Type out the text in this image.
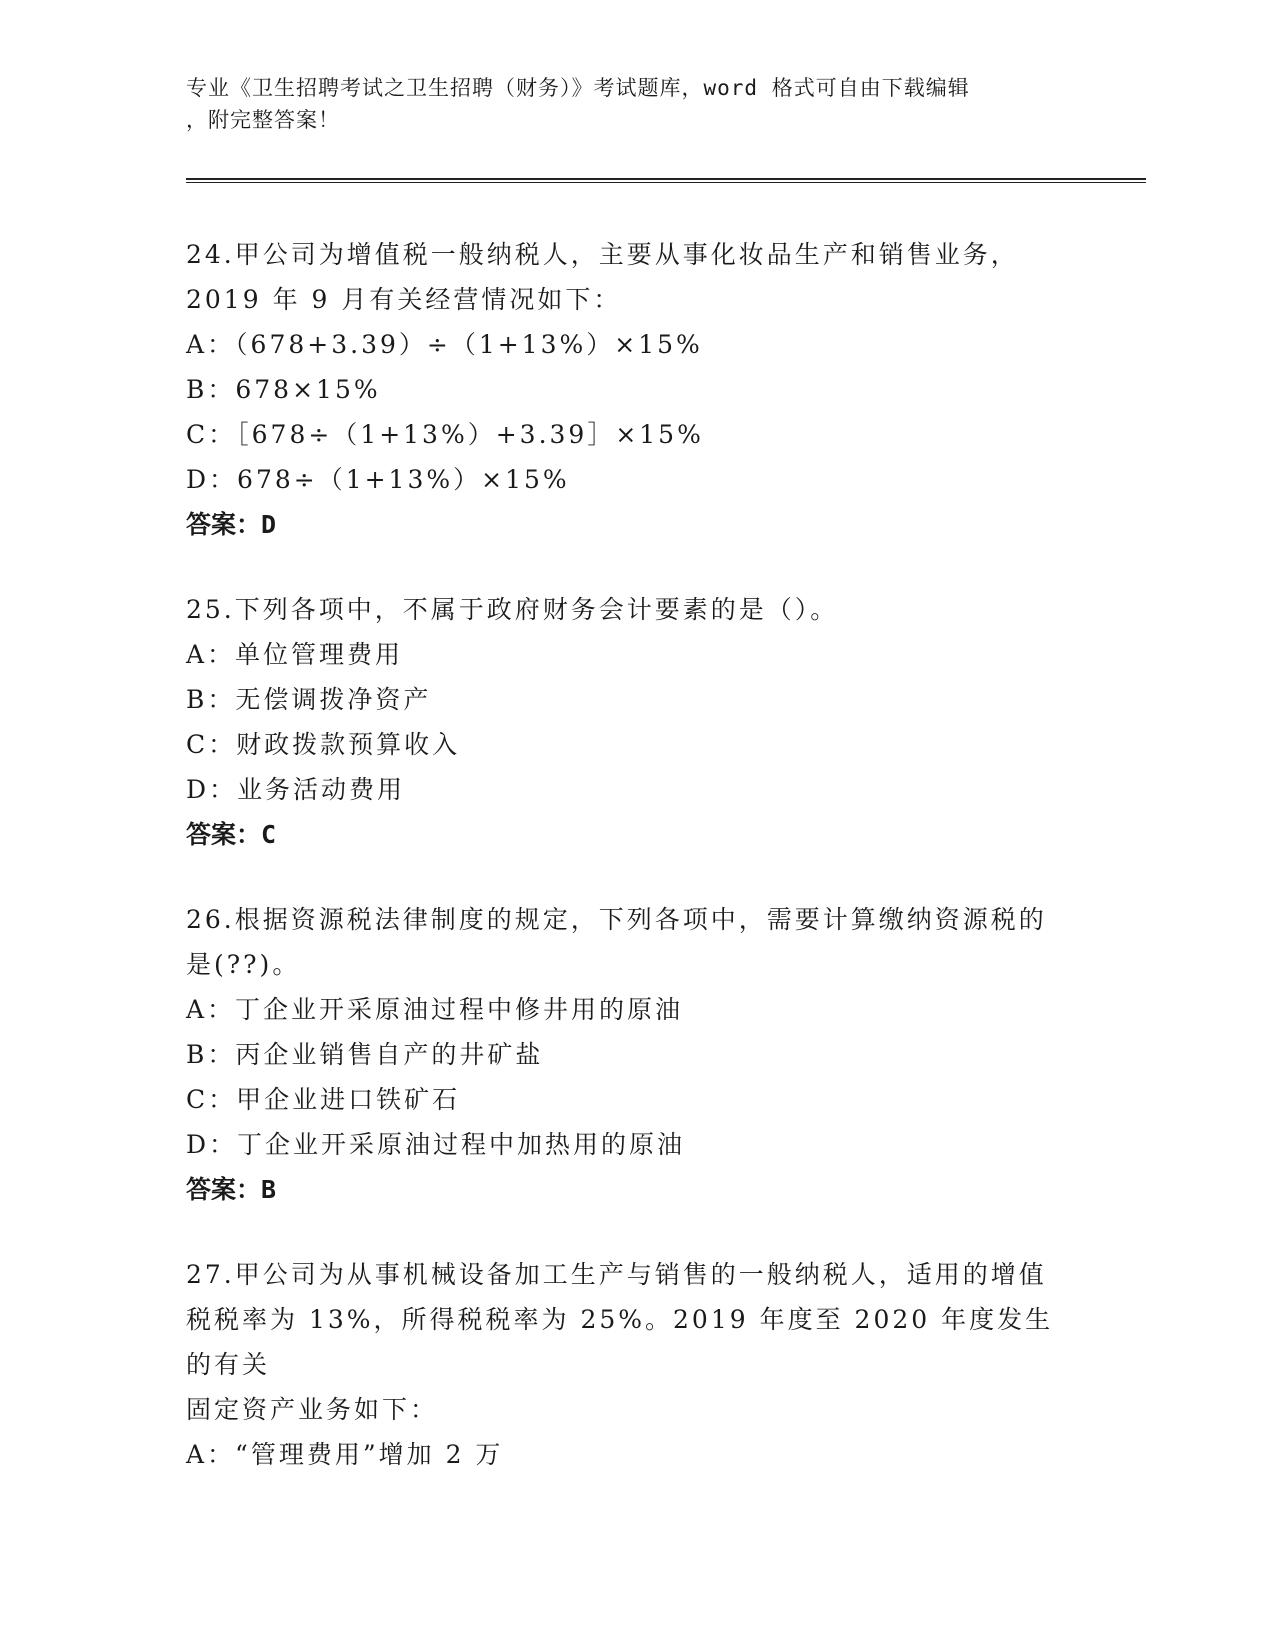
专业《卫生招聘考试之卫生招聘（财务）》考试题库，word 格式可自由下载编辑
，附完整答案！

24.甲公司为增值税一般纳税人，主要从事化妆品生产和销售业务，

2019 年 9 月有关经营情况如下：

A：（678+3.39）÷（1+13%）×15%

B：678×15%

C：［678÷（1+13%）+3.39］×15%

D：678÷（1+13%）×15%

答案：D

25.下列各项中，不属于政府财务会计要素的是（）。

A：单位管理费用

B：无偿调拨净资产

C：财政拨款预算收入

D：业务活动费用

答案：C

26.根据资源税法律制度的规定，下列各项中，需要计算缴纳资源税的

是(??)。

A：丁企业开采原油过程中修井用的原油

B：丙企业销售自产的井矿盐

C：甲企业进口铁矿石

D：丁企业开采原油过程中加热用的原油

答案：B

27.甲公司为从事机械设备加工生产与销售的一般纳税人，适用的增值

税税率为 13%，所得税税率为 25%。2019 年度至 2020 年度发生的有关

固定资产业务如下：

A：“管理费用”增加 2 万
